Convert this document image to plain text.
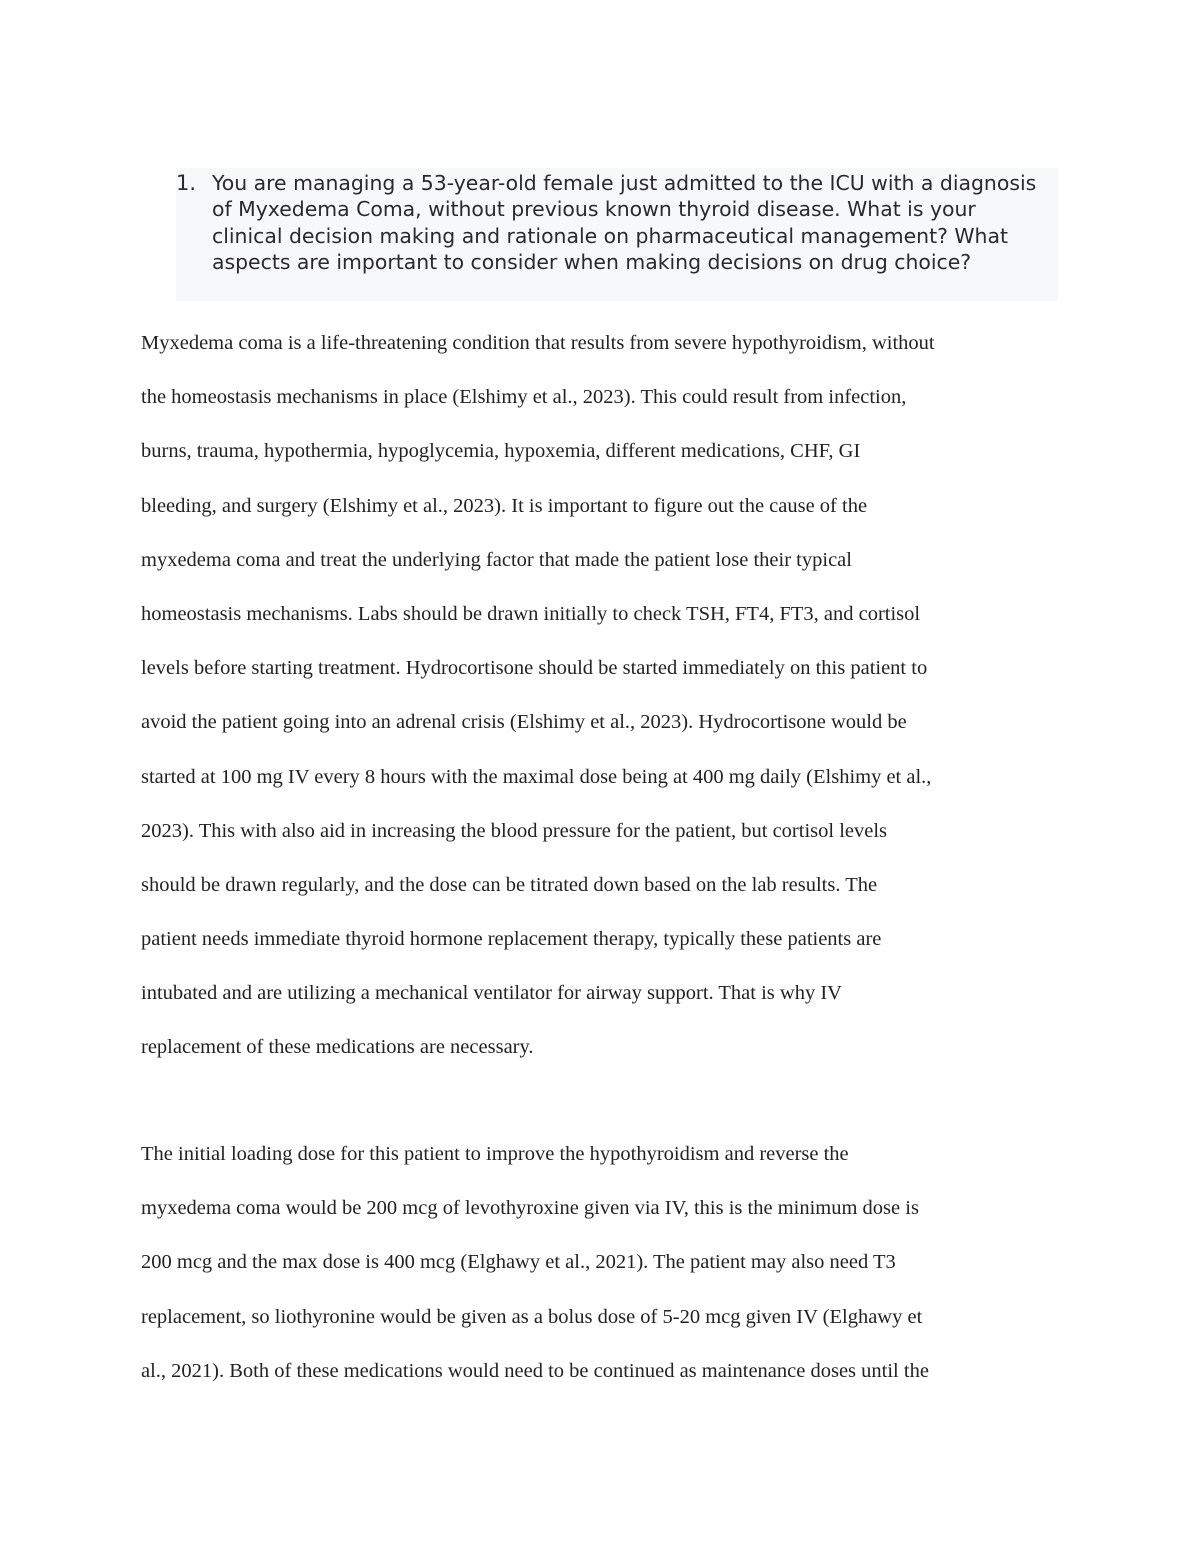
1. You are managing a 53-year-old female just admitted to the ICU with a diagnosis of Myxedema Coma, without previous known thyroid disease. What is your clinical decision making and rationale on pharmaceutical management? What aspects are important to consider when making decisions on drug choice?

Myxedema coma is a life-threatening condition that results from severe hypothyroidism, without
the homeostasis mechanisms in place (Elshimy et al., 2023). This could result from infection,
burns, trauma, hypothermia, hypoglycemia, hypoxemia, different medications, CHF, GI
bleeding, and surgery (Elshimy et al., 2023). It is important to figure out the cause of the
myxedema coma and treat the underlying factor that made the patient lose their typical
homeostasis mechanisms. Labs should be drawn initially to check TSH, FT4, FT3, and cortisol
levels before starting treatment. Hydrocortisone should be started immediately on this patient to
avoid the patient going into an adrenal crisis (Elshimy et al., 2023). Hydrocortisone would be
started at 100 mg IV every 8 hours with the maximal dose being at 400 mg daily (Elshimy et al.,
2023). This with also aid in increasing the blood pressure for the patient, but cortisol levels
should be drawn regularly, and the dose can be titrated down based on the lab results. The
patient needs immediate thyroid hormone replacement therapy, typically these patients are
intubated and are utilizing a mechanical ventilator for airway support. That is why IV
replacement of these medications are necessary.
The initial loading dose for this patient to improve the hypothyroidism and reverse the
myxedema coma would be 200 mcg of levothyroxine given via IV, this is the minimum dose is
200 mcg and the max dose is 400 mcg (Elghawy et al., 2021). The patient may also need T3
replacement, so liothyronine would be given as a bolus dose of 5-20 mcg given IV (Elghawy et
al., 2021). Both of these medications would need to be continued as maintenance doses until the
